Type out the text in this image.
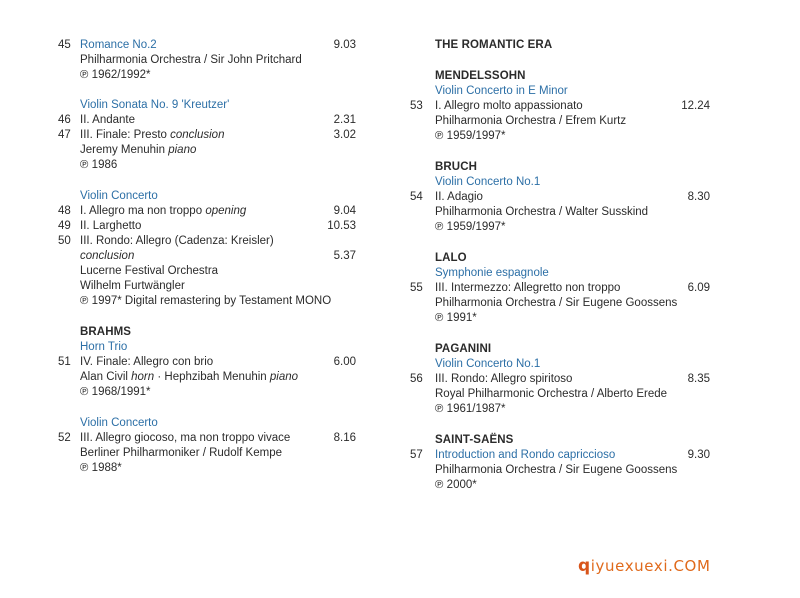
45 Romance No.2	9.03
Philharmonia Orchestra / Sir John Pritchard
℗ 1962/1992*
Violin Sonata No. 9 'Kreutzer'
46 II. Andante	2.31
47 III. Finale: Presto conclusion	3.02
Jeremy Menuhin piano
℗ 1986
Violin Concerto
48 I. Allegro ma non troppo opening	9.04
49 II. Larghetto	10.53
50 III. Rondo: Allegro (Cadenza: Kreisler)
conclusion	5.37
Lucerne Festival Orchestra
Wilhelm Furtwängler
℗ 1997* Digital remastering by Testament MONO
BRAHMS
Horn Trio
51 IV. Finale: Allegro con brio	6.00
Alan Civil horn · Hephzibah Menuhin piano
℗ 1968/1991*
Violin Concerto
52 III. Allegro giocoso, ma non troppo vivace	8.16
Berliner Philharmoniker / Rudolf Kempe
℗ 1988*
THE ROMANTIC ERA
MENDELSSOHN
Violin Concerto in E Minor
53	I. Allegro molto appassionato	12.24
Philharmonia Orchestra / Efrem Kurtz
℗ 1959/1997*
BRUCH
Violin Concerto No.1
54	II. Adagio	8.30
Philharmonia Orchestra / Walter Susskind
℗ 1959/1997*
LALO
Symphonie espagnole
55	III. Intermezzo: Allegretto non troppo	6.09
Philharmonia Orchestra / Sir Eugene Goossens
℗ 1991*
PAGANINI
Violin Concerto No.1
56	III. Rondo: Allegro spiritoso	8.35
Royal Philharmonic Orchestra / Alberto Erede
℗ 1961/1987*
SAINT-SAËNS
57	Introduction and Rondo capriccioso	9.30
Philharmonia Orchestra / Sir Eugene Goossens
℗ 2000*
qiyuexuexi.COM
